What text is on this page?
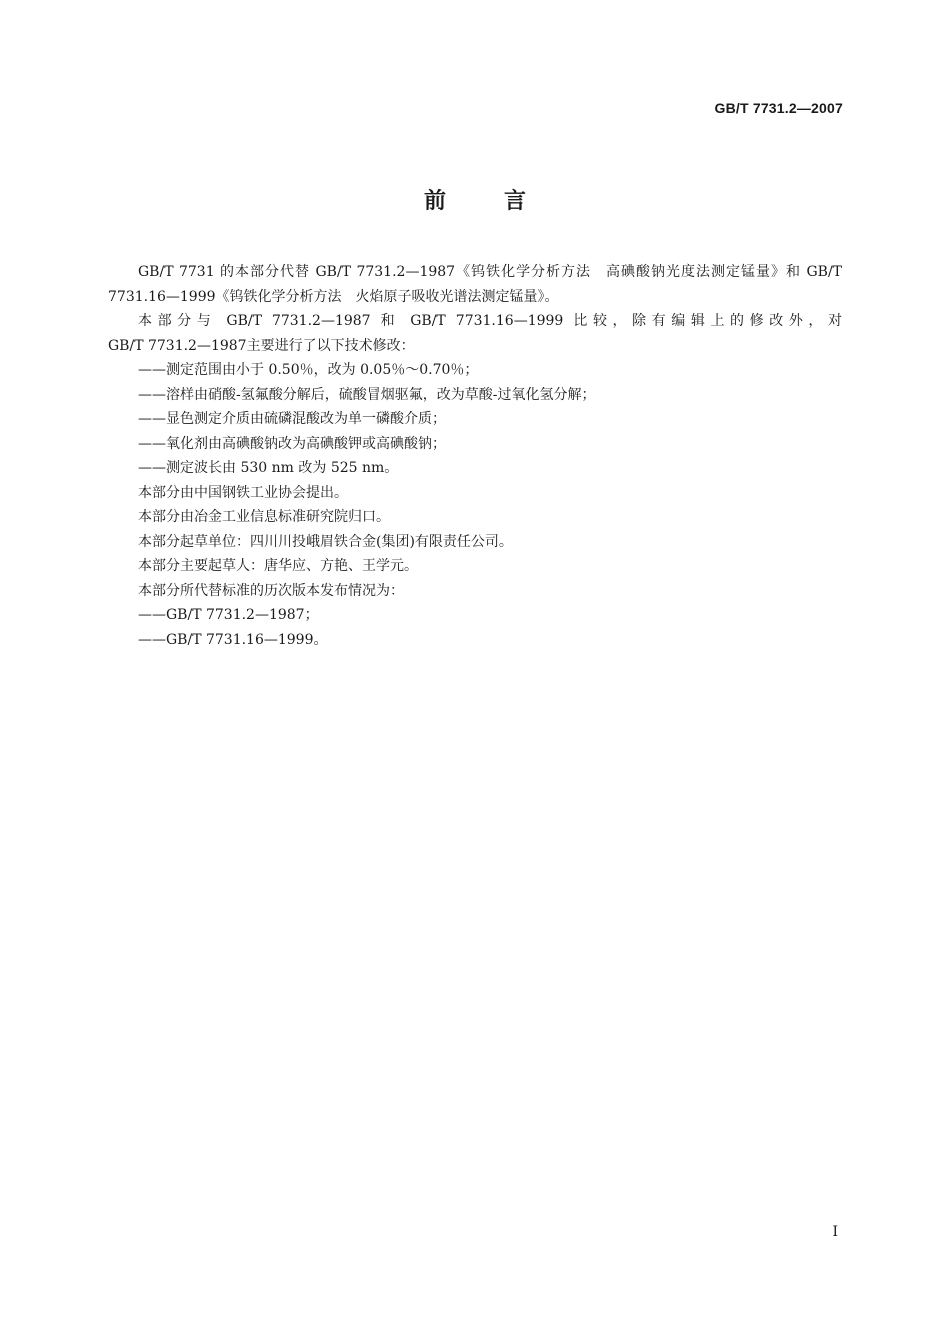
GB/T 7731.2—2007
前	言

GB/T 7731 的本部分代替 GB/T 7731.2—1987《钨铁化学分析方法　高碘酸钠光度法测定锰量》和 GB/T 7731.16—1999《钨铁化学分析方法　火焰原子吸收光谱法测定锰量》。

本部分与 GB/T 7731.2—1987 和 GB/T 7731.16—1999 比较，除有编辑上的修改外，对

GB/T 7731.2—1987主要进行了以下技术修改：

——测定范围由小于 0.50％，改为 0.05％～0.70％；

——溶样由硝酸-氢氟酸分解后，硫酸冒烟驱氟，改为草酸-过氧化氢分解；

——显色测定介质由硫磷混酸改为单一磷酸介质；

——氧化剂由高碘酸钠改为高碘酸钾或高碘酸钠；

——测定波长由 530 nm 改为 525 nm。

本部分由中国钢铁工业协会提出。

本部分由冶金工业信息标准研究院归口。

本部分起草单位：四川川投峨眉铁合金(集团)有限责任公司。

本部分主要起草人：唐华应、方艳、王学元。

本部分所代替标准的历次版本发布情况为：

——GB/T 7731.2—1987；

——GB/T 7731.16—1999。

I
